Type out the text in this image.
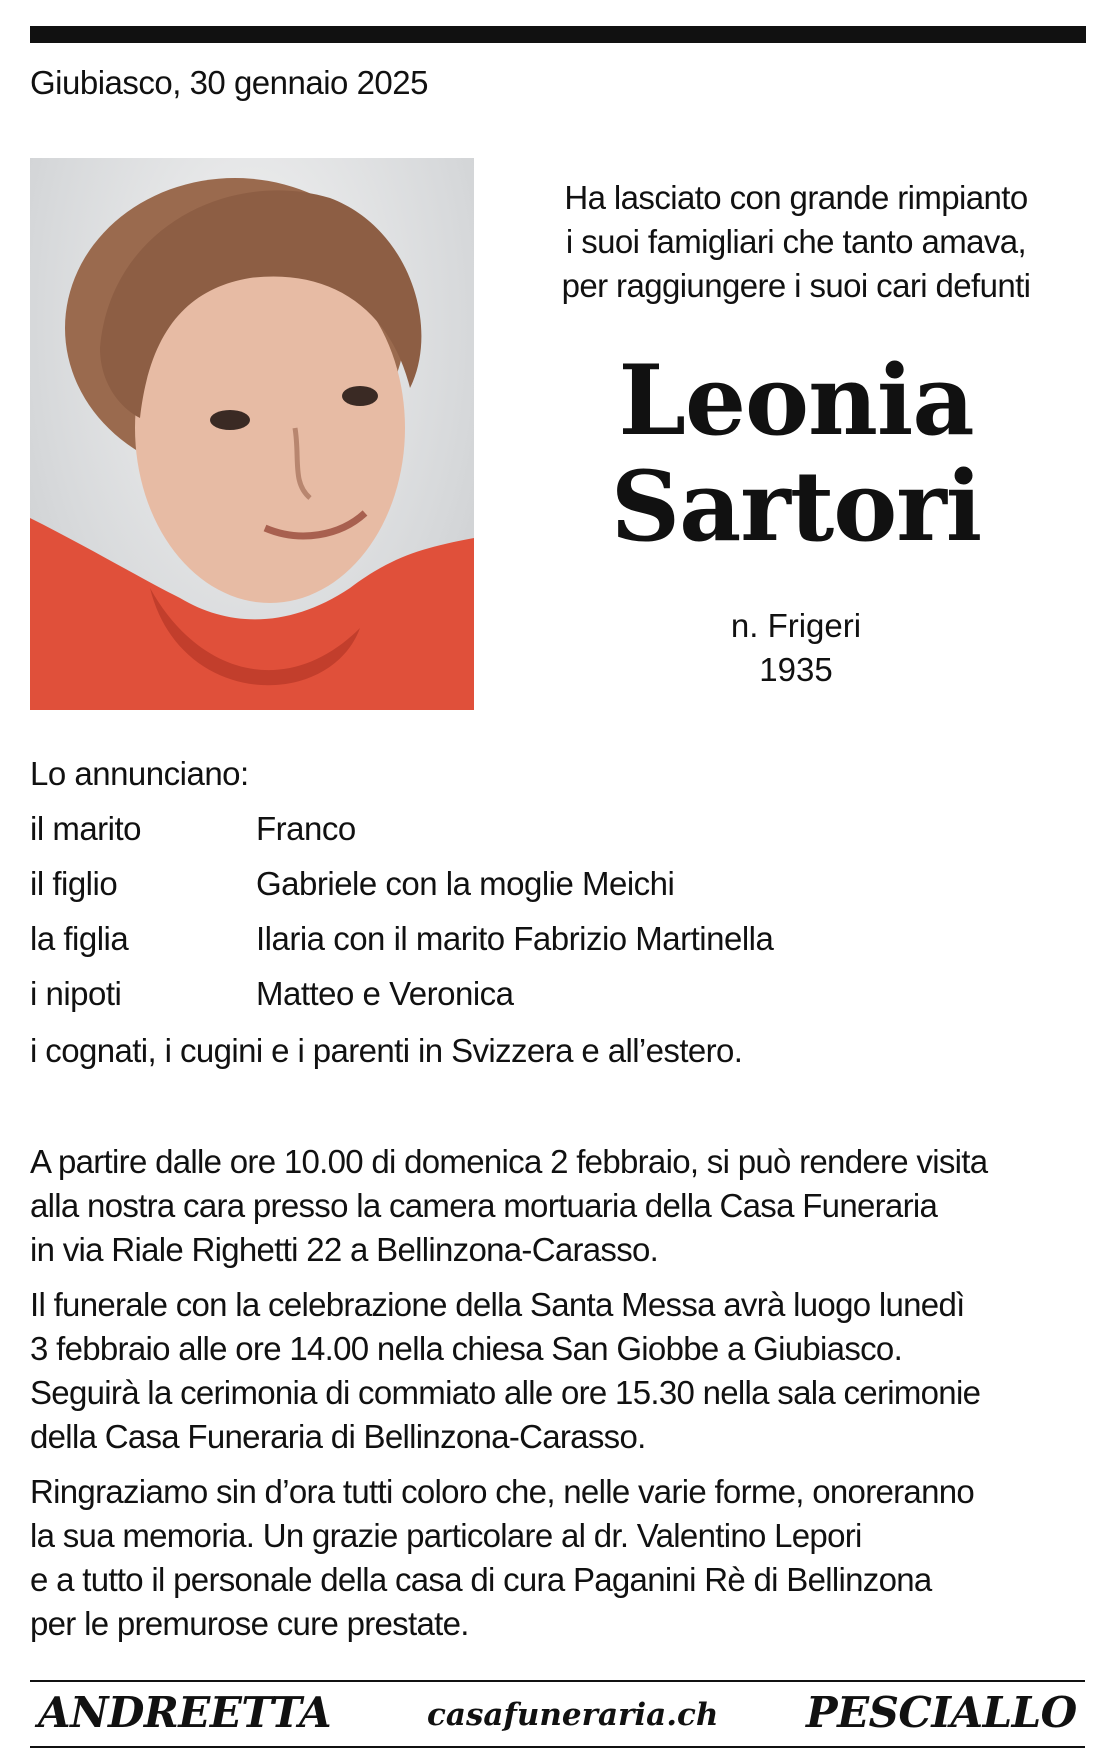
Giubiasco, 30 gennaio 2025
Ha lasciato con grande rimpianto
i suoi famigliari che tanto amava,
per raggiungere i suoi cari defunti
Leonia
Sartori
n. Frigeri
1935
Lo annunciano:
il marito	Franco
il figlio	Gabriele con la moglie Meichi
la figlia	Ilaria con il marito Fabrizio Martinella
i nipoti	Matteo e Veronica
i cognati, i cugini e i parenti in Svizzera e all’estero.
A partire dalle ore 10.00 di domenica 2 febbraio, si può rendere visita
alla nostra cara presso la camera mortuaria della Casa Funeraria
in via Riale Righetti 22 a Bellinzona-Carasso.
Il funerale con la celebrazione della Santa Messa avrà luogo lunedì
3 febbraio alle ore 14.00 nella chiesa San Giobbe a Giubiasco.
Seguirà la cerimonia di commiato alle ore 15.30 nella sala cerimonie
della Casa Funeraria di Bellinzona-Carasso.
Ringraziamo sin d’ora tutti coloro che, nelle varie forme, onoreranno
la sua memoria. Un grazie particolare al dr. Valentino Lepori
e a tutto il personale della casa di cura Paganini Rè di Bellinzona
per le premurose cure prestate.
ANDREETTA	casafuneraria.ch PESCIALLO
